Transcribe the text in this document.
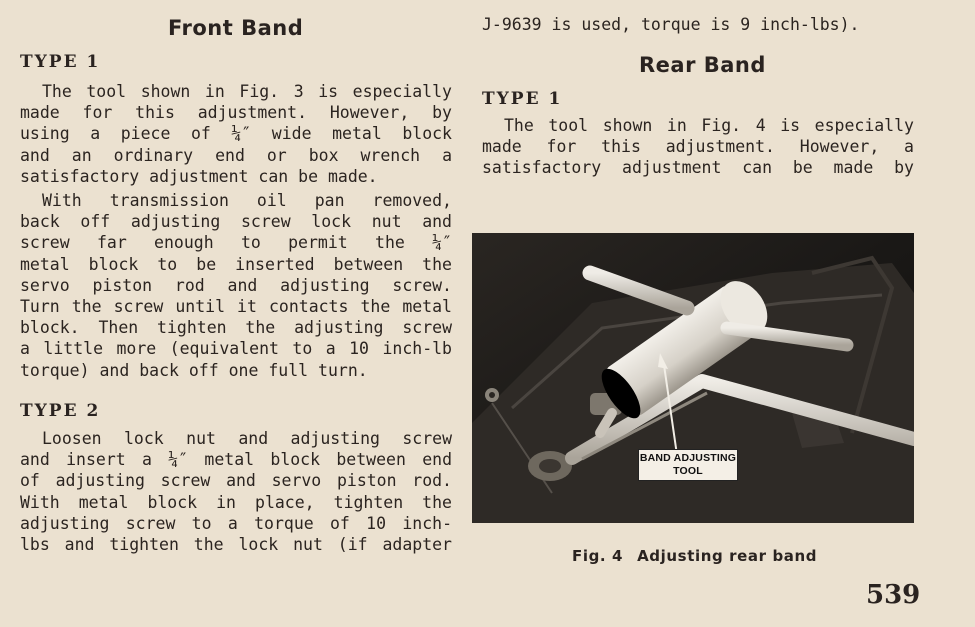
Front Band
TYPE 1
The tool shown in Fig. 3 is especially
made for this adjustment. However, by
using a piece of ¼″ wide metal block
and an ordinary end or box wrench a
satisfactory adjustment can be made.
With transmission oil pan removed,
back off adjusting screw lock nut and
screw far enough to permit the ¼″
metal block to be inserted between the
servo piston rod and adjusting screw.
Turn the screw until it contacts the metal
block. Then tighten the adjusting screw
a little more (equivalent to a 10 inch-lb
torque) and back off one full turn.
TYPE 2
Loosen lock nut and adjusting screw
and insert a ¼″ metal block between end
of adjusting screw and servo piston rod.
With metal block in place, tighten the
adjusting screw to a torque of 10 inch-
lbs and tighten the lock nut (if adapter
J-9639 is used, torque is 9 inch-lbs).
Rear Band
TYPE 1
The tool shown in Fig. 4 is especially
made for this adjustment. However, a
satisfactory adjustment can be made by
BAND ADJUSTING
TOOL
Fig. 4 Adjusting rear band
539
